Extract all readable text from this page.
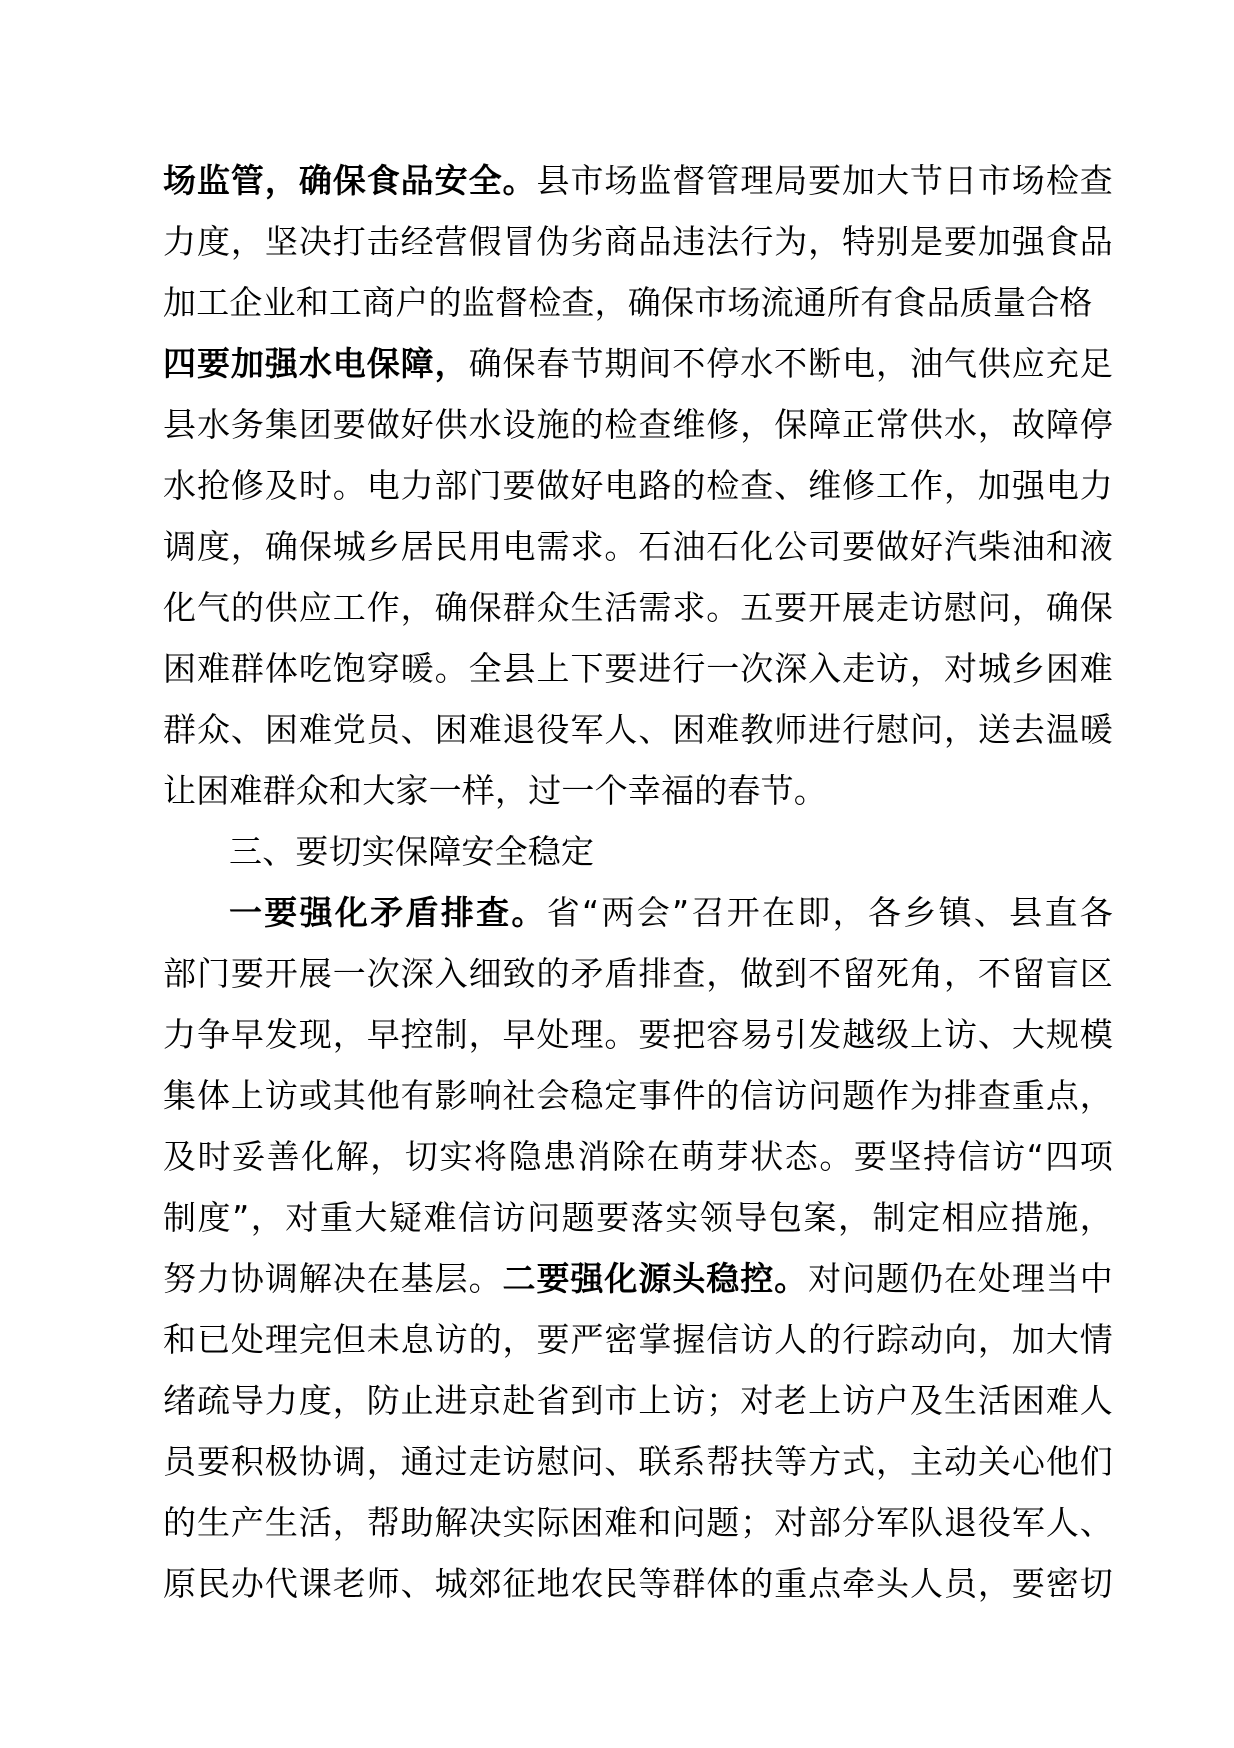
场监管，确保食品安全。县市场监督管理局要加大节日市场检查
力度，坚决打击经营假冒伪劣商品违法行为，特别是要加强食品
加工企业和工商户的监督检查，确保市场流通所有食品质量合格
四要加强水电保障，确保春节期间不停水不断电，油气供应充足
县水务集团要做好供水设施的检查维修，保障正常供水，故障停
水抢修及时。电力部门要做好电路的检查、维修工作，加强电力
调度，确保城乡居民用电需求。石油石化公司要做好汽柴油和液
化气的供应工作，确保群众生活需求。五要开展走访慰问，确保
困难群体吃饱穿暖。全县上下要进行一次深入走访，对城乡困难
群众、困难党员、困难退役军人、困难教师进行慰问，送去温暖
让困难群众和大家一样，过一个幸福的春节。
三、要切实保障安全稳定
一要强化矛盾排查。省“两会”召开在即，各乡镇、县直各
部门要开展一次深入细致的矛盾排查，做到不留死角，不留盲区
力争早发现，早控制，早处理。要把容易引发越级上访、大规模
集体上访或其他有影响社会稳定事件的信访问题作为排查重点，
及时妥善化解，切实将隐患消除在萌芽状态。要坚持信访“四项
制度”，对重大疑难信访问题要落实领导包案，制定相应措施，
努力协调解决在基层。二要强化源头稳控。对问题仍在处理当中
和已处理完但未息访的，要严密掌握信访人的行踪动向，加大情
绪疏导力度，防止进京赴省到市上访；对老上访户及生活困难人
员要积极协调，通过走访慰问、联系帮扶等方式，主动关心他们
的生产生活，帮助解决实际困难和问题；对部分军队退役军人、
原民办代课老师、城郊征地农民等群体的重点牵头人员，要密切
